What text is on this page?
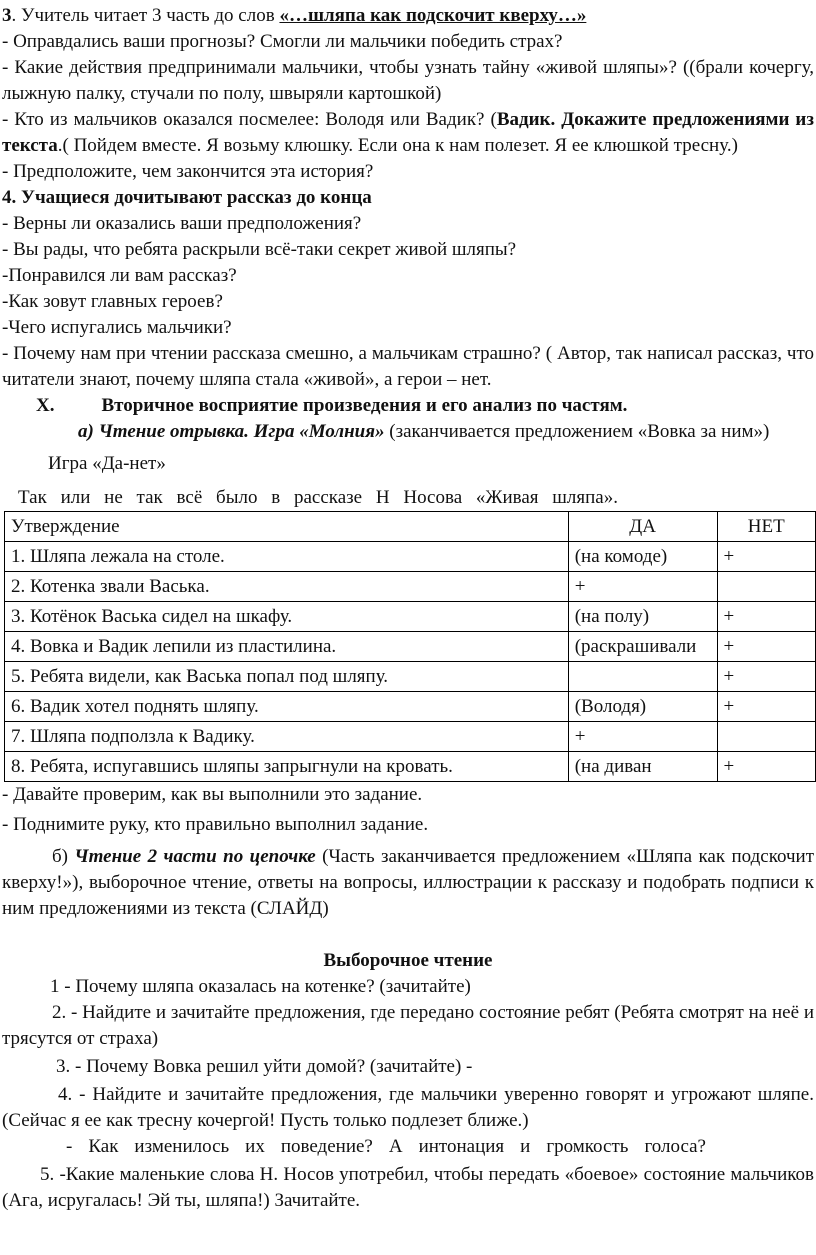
3. Учитель читает 3 часть до слов «…шляпа как подскочит кверху…»

- Оправдались ваши прогнозы? Смогли ли мальчики победить страх?

- Какие действия предпринимали мальчики, чтобы узнать тайну «живой шляпы»? ((брали кочергу, лыжную палку, стучали по полу, швыряли картошкой)

- Кто из мальчиков оказался посмелее: Володя или Вадик? (Вадик. Докажите предложениями из текста.( Пойдем вместе. Я возьму клюшку. Если она к нам полезет. Я ее клюшкой тресну.)

- Предположите, чем закончится эта история?

4. Учащиеся дочитывают рассказ до конца

- Верны ли оказались ваши предположения?

- Вы рады, что ребята раскрыли всё-таки секрет живой шляпы?

-Понравился ли вам рассказ?

-Как зовут главных героев?

-Чего испугались мальчики?

- Почему нам при чтении рассказа смешно, а мальчикам страшно? ( Автор, так написал рассказ, что читатели знают, почему шляпа стала «живой», а герои – нет.

X. Вторичное восприятие произведения и его анализ по частям.

а) Чтение отрывка. Игра «Молния» (заканчивается предложением «Вовка за ним»)

Игра «Да-нет»

Так или не так всё было в рассказе Н Носова «Живая шляпа».

Утверждение	ДА	НЕТ
1. Шляпа лежала на столе.	(на комоде)	+
2. Котенка звали Васька.	+	
3. Котёнок Васька сидел на шкафу.	(на полу)	+
4. Вовка и Вадик лепили из пластилина.	(раскрашивали	+
5. Ребята видели, как Васька попал под шляпу.		+
6. Вадик хотел поднять шляпу.	(Володя)	+
7. Шляпа подползла к Вадику.	+	
8. Ребята, испугавшись шляпы запрыгнули на кровать.	(на диван	+

- Давайте проверим, как вы выполнили это задание.

- Поднимите руку, кто правильно выполнил задание.

б) Чтение 2 части по цепочке (Часть заканчивается предложением «Шляпа как подскочит кверху!»), выборочное чтение, ответы на вопросы, иллюстрации к рассказу и подобрать подписи к ним предложениями из текста (СЛАЙД)

Выборочное чтение

1 - Почему шляпа оказалась на котенке? (зачитайте)

2. - Найдите и зачитайте предложения, где передано состояние ребят (Ребята смотрят на неё и трясутся от страха)

3. - Почему Вовка решил уйти домой? (зачитайте) -

4. - Найдите и зачитайте предложения, где мальчики уверенно говорят и угрожают шляпе. (Сейчас я ее как тресну кочергой! Пусть только подлезет ближе.)

- Как изменилось их поведение? А интонация и громкость голоса?

5. -Какие маленькие слова Н. Носов употребил, чтобы передать «боевое» состояние мальчиков (Ага, исругалась! Эй ты, шляпа!) Зачитайте.
